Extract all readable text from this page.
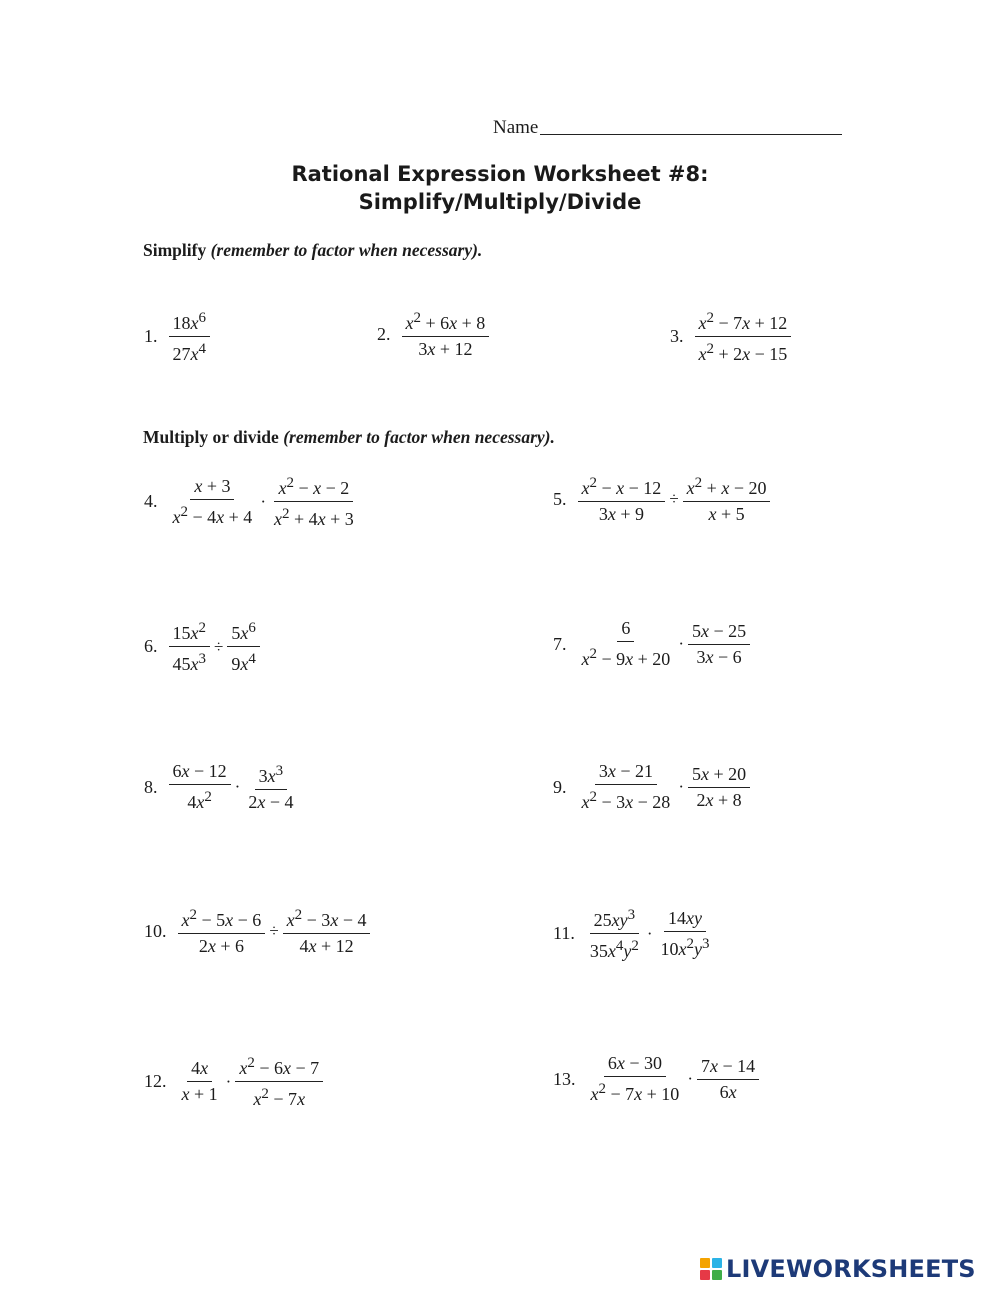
Name
Rational Expression Worksheet #8:
Simplify/Multiply/Divide
Simplify (remember to factor when necessary).
1. $\frac{18x^6}{27x^4}$	2. $\frac{x^2 + 6x + 8}{3x + 12}$	3. $\frac{x^2 - 7x + 12}{x^2 + 2x - 15}$
Multiply or divide (remember to factor when necessary).
4. $\frac{x + 3}{x^2 - 4x + 4} \cdot \frac{x^2 - x - 2}{x^2 + 4x + 3}$	5. $\frac{x^2 - x - 12}{3x + 9} \div \frac{x^2 + x - 20}{x + 5}$
6. $\frac{15x^2}{45x^3} \div \frac{5x^6}{9x^4}$	7. $\frac{6}{x^2 - 9x + 20} \cdot \frac{5x - 25}{3x - 6}$
8. $\frac{6x - 12}{4x^2} \cdot \frac{3x^3}{2x - 4}$	9. $\frac{3x - 21}{x^2 - 3x - 28} \cdot \frac{5x + 20}{2x + 8}$
10. $\frac{x^2 - 5x - 6}{2x + 6} \div \frac{x^2 - 3x - 4}{4x + 12}$	11. $\frac{25xy^3}{35x^4y^2} \cdot \frac{14xy}{10x^2y^3}$
12. $\frac{4x}{x + 1} \cdot \frac{x^2 - 6x - 7}{x^2 - 7x}$	13. $\frac{6x - 30}{x^2 - 7x + 10} \cdot \frac{7x - 14}{6x}$
LIVEWORKSHEETS
